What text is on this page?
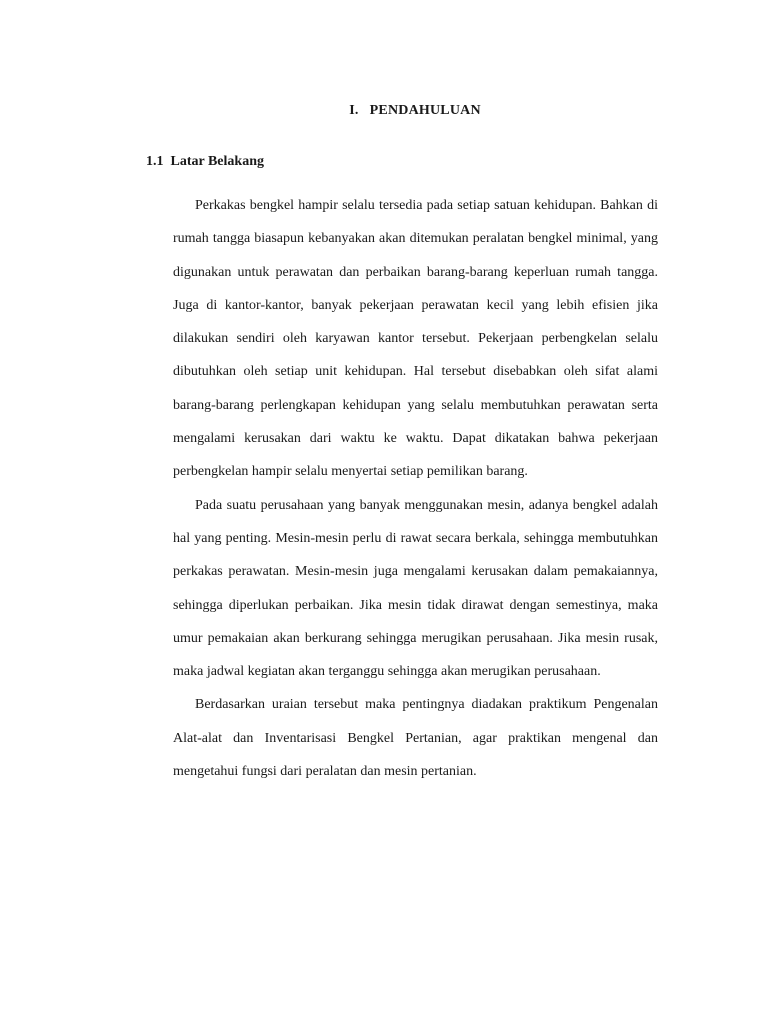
I.   PENDAHULUAN
1.1  Latar Belakang

Perkakas bengkel hampir selalu tersedia pada setiap satuan kehidupan. Bahkan di rumah tangga biasapun kebanyakan akan ditemukan peralatan bengkel minimal, yang digunakan untuk perawatan dan perbaikan barang-barang keperluan rumah tangga. Juga di kantor-kantor, banyak pekerjaan perawatan kecil yang lebih efisien jika dilakukan sendiri oleh karyawan kantor tersebut. Pekerjaan perbengkelan selalu dibutuhkan oleh setiap unit kehidupan. Hal tersebut disebabkan oleh sifat alami barang-barang perlengkapan kehidupan yang selalu membutuhkan perawatan serta mengalami kerusakan dari waktu ke waktu. Dapat dikatakan bahwa pekerjaan perbengkelan hampir selalu menyertai setiap pemilikan barang.

Pada suatu perusahaan yang banyak menggunakan mesin, adanya bengkel adalah hal yang penting. Mesin-mesin perlu di rawat secara berkala, sehingga membutuhkan perkakas perawatan. Mesin-mesin juga mengalami kerusakan dalam pemakaiannya, sehingga diperlukan perbaikan. Jika mesin tidak dirawat dengan semestinya, maka umur pemakaian akan berkurang sehingga merugikan perusahaan. Jika mesin rusak, maka jadwal kegiatan akan terganggu sehingga akan merugikan perusahaan.

Berdasarkan uraian tersebut maka pentingnya diadakan praktikum Pengenalan Alat-alat dan Inventarisasi Bengkel Pertanian, agar praktikan mengenal dan mengetahui fungsi dari peralatan dan mesin pertanian.
